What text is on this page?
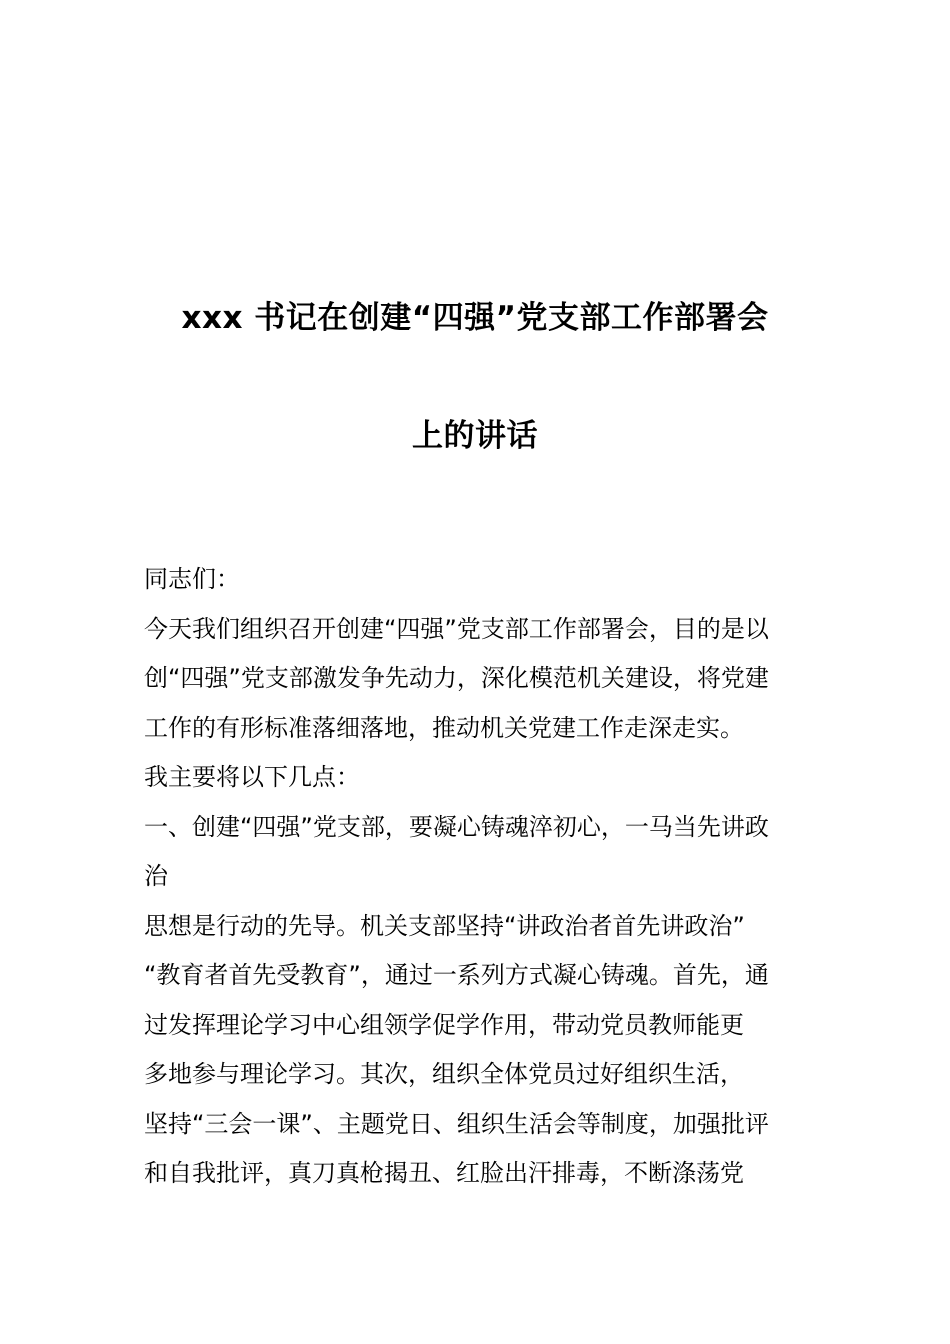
xxx 书记在创建“四强”党支部工作部署会
上的讲话
同志们：
今天我们组织召开创建“四强”党支部工作部署会，目的是以
创“四强”党支部激发争先动力，深化模范机关建设，将党建
工作的有形标准落细落地，推动机关党建工作走深走实。
我主要将以下几点：
一、创建“四强”党支部，要凝心铸魂淬初心，一马当先讲政
治
思想是行动的先导。机关支部坚持“讲政治者首先讲政治”
“教育者首先受教育”，通过一系列方式凝心铸魂。首先，通
过发挥理论学习中心组领学促学作用，带动党员教师能更
多地参与理论学习。其次，组织全体党员过好组织生活，
坚持“三会一课”、主题党日、组织生活会等制度，加强批评
和自我批评，真刀真枪揭丑、红脸出汗排毒，不断涤荡党
